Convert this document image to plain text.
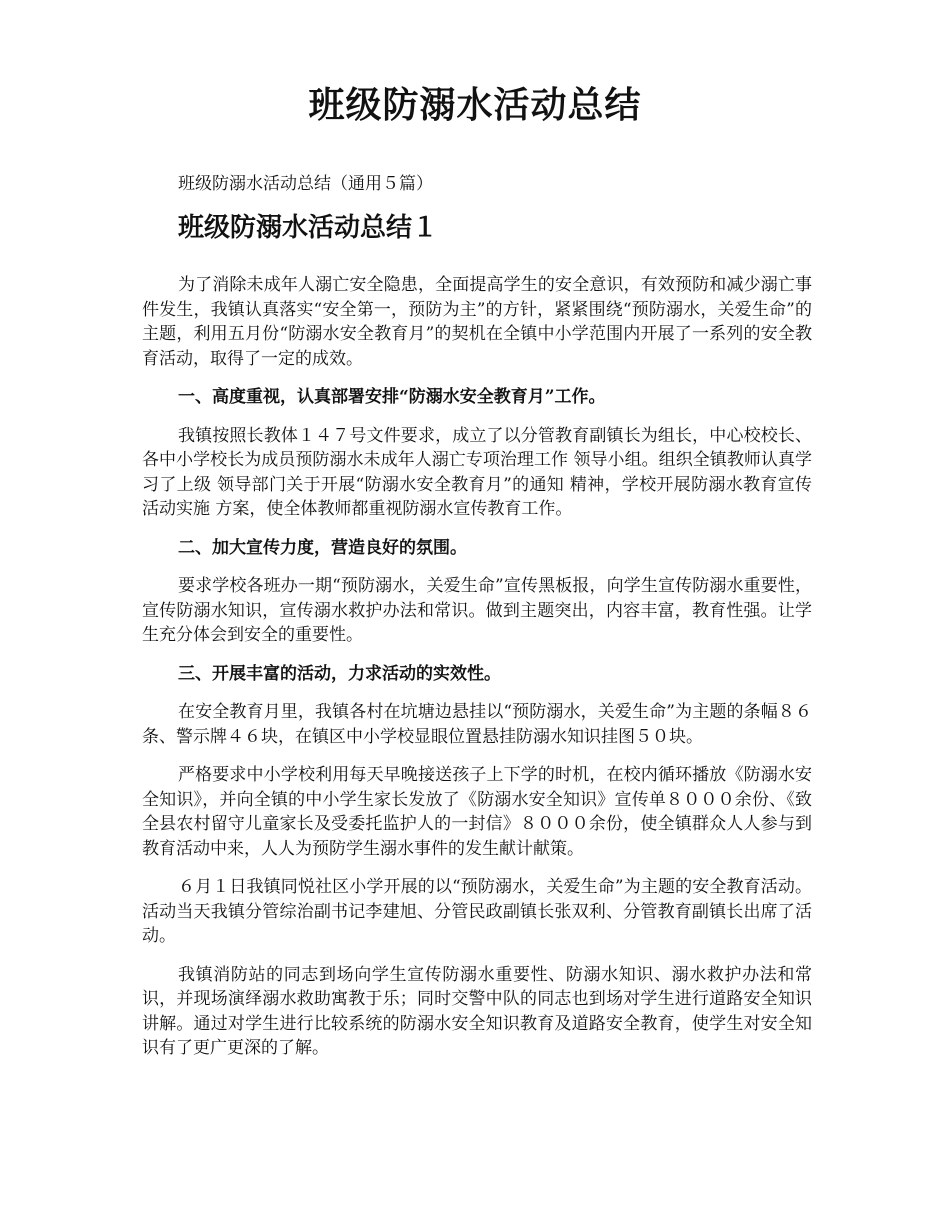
班级防溺水活动总结

班级防溺水活动总结（通用５篇）

班级防溺水活动总结１

为了消除未成年人溺亡安全隐患，全面提高学生的安全意识，有效预防和减少溺亡事件发生，我镇认真落实“安全第一，预防为主”的方针，紧紧围绕“预防溺水，关爱生命”的主题，利用五月份“防溺水安全教育月”的契机在全镇中小学范围内开展了一系列的安全教育活动，取得了一定的成效。

一、高度重视，认真部署安排“防溺水安全教育月”工作。

我镇按照长教体１４７号文件要求，成立了以分管教育副镇长为组长，中心校校长、各中小学校长为成员预防溺水未成年人溺亡专项治理工作 领导小组。组织全镇教师认真学习了上级 领导部门关于开展“防溺水安全教育月”的通知 精神，学校开展防溺水教育宣传活动实施 方案，使全体教师都重视防溺水宣传教育工作。

二、加大宣传力度，营造良好的氛围。

要求学校各班办一期“预防溺水，关爱生命”宣传黑板报，向学生宣传防溺水重要性，宣传防溺水知识，宣传溺水救护办法和常识。做到主题突出，内容丰富，教育性强。让学生充分体会到安全的重要性。

三、开展丰富的活动，力求活动的实效性。

在安全教育月里，我镇各村在坑塘边悬挂以“预防溺水，关爱生命”为主题的条幅８６条、警示牌４６块，在镇区中小学校显眼位置悬挂防溺水知识挂图５０块。

严格要求中小学校利用每天早晚接送孩子上下学的时机，在校内循环播放《防溺水安全知识》，并向全镇的中小学生家长发放了《防溺水安全知识》宣传单８０００余份、《致全县农村留守儿童家长及受委托监护人的一封信》８０００余份，使全镇群众人人参与到教育活动中来，人人为预防学生溺水事件的发生献计献策。

６月１日我镇同悦社区小学开展的以“预防溺水，关爱生命”为主题的安全教育活动。活动当天我镇分管综治副书记李建旭、分管民政副镇长张双利、分管教育副镇长出席了活动。

我镇消防站的同志到场向学生宣传防溺水重要性、防溺水知识、溺水救护办法和常识，并现场演绎溺水救助寓教于乐；同时交警中队的同志也到场对学生进行道路安全知识讲解。通过对学生进行比较系统的防溺水安全知识教育及道路安全教育，使学生对安全知识有了更广更深的了解。
